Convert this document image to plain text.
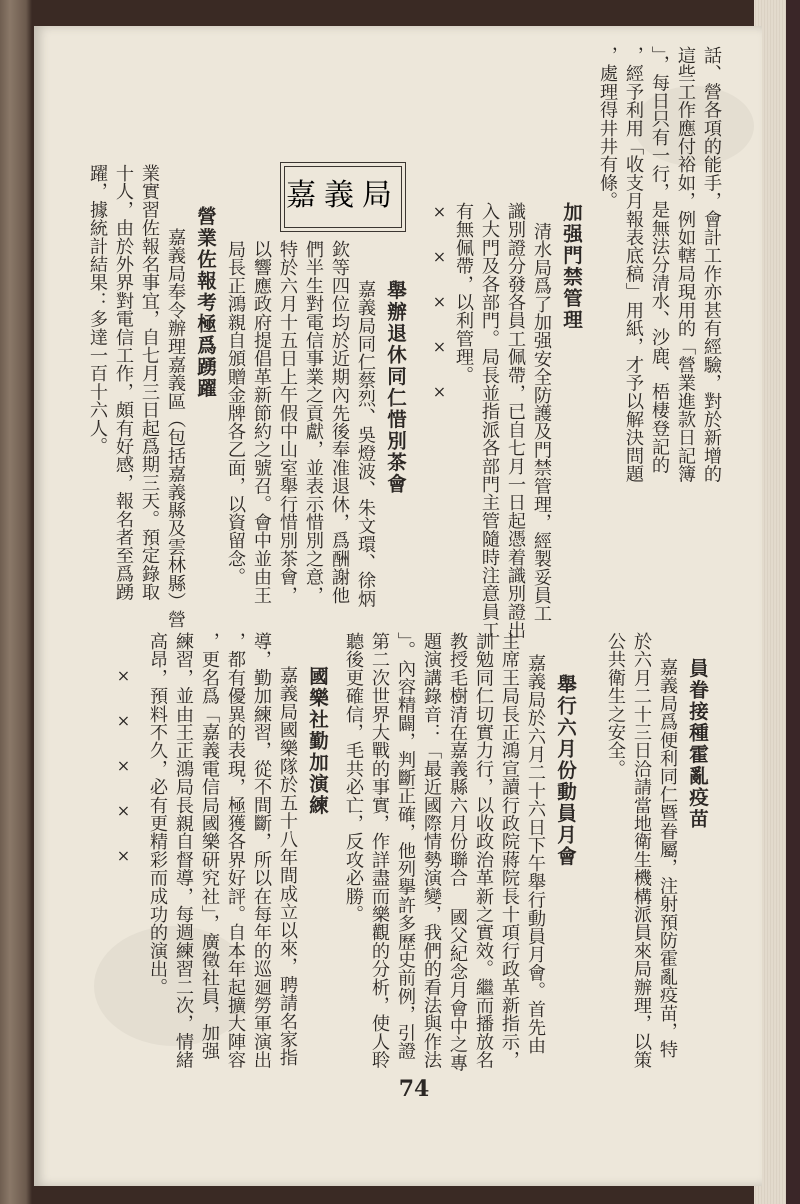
話、營各項的能手，會計工作亦甚有經驗，對於新增的
這些工作應付裕如，例如轄局現用的「營業進款日記簿
」，每日只有一行，是無法分清水、沙鹿、梧棲登記的
，經予利用「收支月報表底稿」用紙，才予以解決問題
，處理得井井有條。
加强門禁管理
清水局爲了加强安全防護及門禁管理，經製妥員工
識別證分發各員工佩帶，已自七月一日起憑着識別證出
入大門及各部門。局長並指派各部門主管隨時注意員工
有無佩帶，以利管理。
×××××
嘉義局
舉辦退休同仁惜別茶會
嘉義局同仁蔡烈、吳燈波、朱文環、徐炳
欽等四位均於近期內先後奉准退休，爲酬謝他
們半生對電信事業之貢獻，並表示惜別之意，
特於六月十五日上午假中山室舉行惜別茶會，
以響應政府提倡革新節約之號召。會中並由王
局長正鴻親自頒贈金牌各乙面，以資留念。
營業佐報考極爲踴躍
嘉義局奉令辦理嘉義區（包括嘉義縣及雲林縣）營
業實習佐報名事宜，自七月三日起爲期三天。預定錄取
十人，由於外界對電信工作，頗有好感，報名者至爲踴
躍，據統計結果：多達一百十六人。
員眷接種霍亂疫苗
嘉義局爲便利同仁暨眷屬，注射預防霍亂疫苗，特
於六月二十三日洽請當地衛生機構派員來局辦理，以策
公共衛生之安全。
舉行六月份動員月會
嘉義局於六月二十六日下午舉行動員月會。首先由
主席王局長正鴻宣讀行政院蔣院長十項行政革新指示，
訓勉同仁切實力行，以收政治革新之實效。繼而播放名
教授毛樹清在嘉義縣六月份聯合 國父紀念月會中之專
題演講錄音：「最近國際情勢演變，我們的看法與作法
」。內容精闢，判斷正確，他列擧許多歷史前例，引證
第二次世界大戰的事實，作詳盡而樂觀的分析，使人聆
聽後更確信，毛共必亡，反攻必勝。
國樂社勤加演練
嘉義局國樂隊於五十八年間成立以來，聘請名家指
導，勤加練習，從不間斷，所以在每年的巡廻勞軍演出
，都有優異的表現，極獲各界好評。自本年起擴大陣容
，更名爲「嘉義電信局國樂研究社」，廣徵社員，加强
練習，並由王正鴻局長親自督導，每週練習二次，情緒
高昂，預料不久，必有更精彩而成功的演出。
×××××
74
